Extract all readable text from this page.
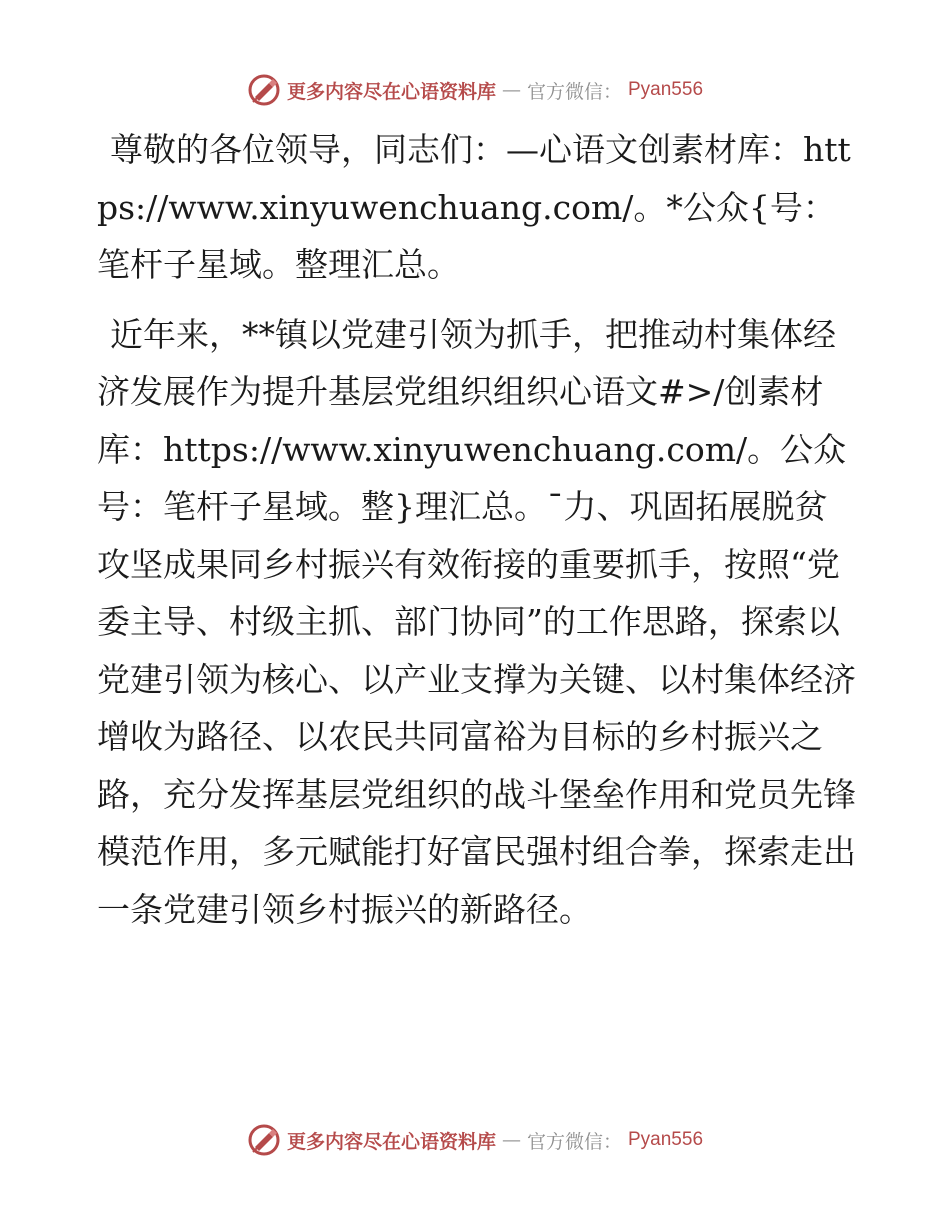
更多内容尽在心语资料库 — 官方微信： Pyan556

尊敬的各位领导，同志们：—心语文创素材库：https://www.xinyuwenchuang.com/。*公众{号：笔杆子星域。整理汇总。

近年来，**镇以党建引领为抓手，把推动村集体经济发展作为提升基层党组织组织心语文#>/创素材库：https://www.xinyuwenchuang.com/。公众号：笔杆子星域。整}理汇总。¯力、巩固拓展脱贫攻坚成果同乡村振兴有效衔接的重要抓手，按照“党委主导、村级主抓、部门协同”的工作思路，探索以党建引领为核心、以产业支撑为关键、以村集体经济增收为路径、以农民共同富裕为目标的乡村振兴之路，充分发挥基层党组织的战斗堡垒作用和党员先锋模范作用，多元赋能打好富民强村组合拳，探索走出一条党建引领乡村振兴的新路径。

更多内容尽在心语资料库 — 官方微信： Pyan556
